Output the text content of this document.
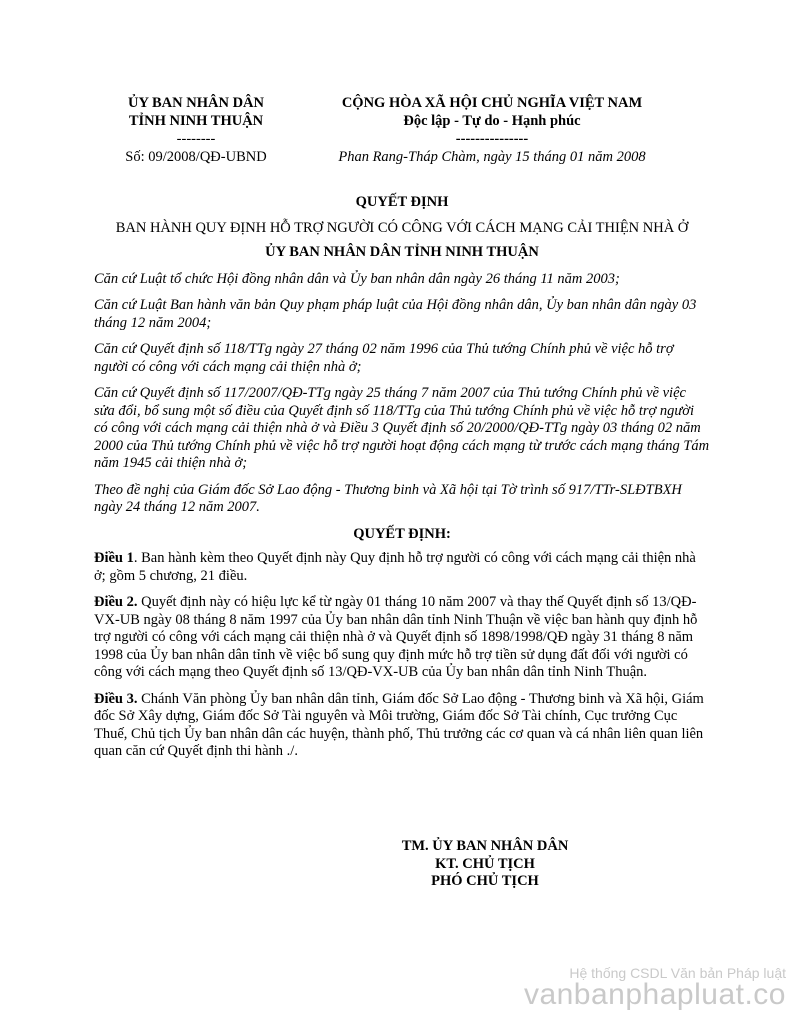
ỦY BAN NHÂN DÂN
TỈNH NINH THUẬN
--------
Số: 09/2008/QĐ-UBND
CỘNG HÒA XÃ HỘI CHỦ NGHĨA VIỆT NAM
Độc lập - Tự do - Hạnh phúc
---------------
Phan Rang-Tháp Chàm, ngày 15 tháng 01 năm 2008
QUYẾT ĐỊNH
BAN HÀNH QUY ĐỊNH HỖ TRỢ NGƯỜI CÓ CÔNG VỚI CÁCH MẠNG CẢI THIỆN NHÀ Ở
ỦY BAN NHÂN DÂN TỈNH NINH THUẬN
Căn cứ Luật tổ chức Hội đồng nhân dân và Ủy ban nhân dân ngày 26 tháng 11 năm 2003;
Căn cứ Luật Ban hành văn bản Quy phạm pháp luật của Hội đồng nhân dân, Ủy ban nhân dân ngày 03 tháng 12 năm 2004;
Căn cứ Quyết định số 118/TTg ngày 27 tháng 02 năm 1996 của Thủ tướng Chính phủ về việc hỗ trợ người có công với cách mạng cải thiện nhà ở;
Căn cứ Quyết định số 117/2007/QĐ-TTg ngày 25 tháng 7 năm 2007 của Thủ tướng Chính phủ về việc sửa đổi, bổ sung một số điều của Quyết định số 118/TTg của Thủ tướng Chính phủ về việc hỗ trợ người có công với cách mạng cải thiện nhà ở và Điều 3 Quyết định số 20/2000/QĐ-TTg ngày 03 tháng 02 năm 2000 của Thủ tướng Chính phủ về việc hỗ trợ người hoạt động cách mạng từ trước cách mạng tháng Tám năm 1945 cải thiện nhà ở;
Theo đề nghị của Giám đốc Sở Lao động - Thương binh và Xã hội tại Tờ trình số 917/TTr-SLĐTBXH ngày 24 tháng 12 năm 2007.
QUYẾT ĐỊNH:
Điều 1. Ban hành kèm theo Quyết định này Quy định hỗ trợ người có công với cách mạng cải thiện nhà ở; gồm 5 chương, 21 điều.
Điều 2. Quyết định này có hiệu lực kể từ ngày 01 tháng 10 năm 2007 và thay thế Quyết định số 13/QĐ-VX-UB ngày 08 tháng 8 năm 1997 của Ủy ban nhân dân tỉnh Ninh Thuận về việc ban hành quy định hỗ trợ người có công với cách mạng cải thiện nhà ở và Quyết định số 1898/1998/QĐ ngày 31 tháng 8 năm 1998 của Ủy ban nhân dân tỉnh về việc bổ sung quy định mức hỗ trợ tiền sử dụng đất đối với người có công với cách mạng theo Quyết định số 13/QĐ-VX-UB của Ủy ban nhân dân tỉnh Ninh Thuận.
Điều 3. Chánh Văn phòng Ủy ban nhân dân tỉnh, Giám đốc Sở Lao động - Thương binh và Xã hội, Giám đốc Sở Xây dựng, Giám đốc Sở Tài nguyên và Môi trường, Giám đốc Sở Tài chính, Cục trưởng Cục Thuế, Chủ tịch Ủy ban nhân dân các huyện, thành phố, Thủ trưởng các cơ quan và cá nhân liên quan liên quan căn cứ Quyết định thi hành ./.
TM. ỦY BAN NHÂN DÂN
KT. CHỦ TỊCH
PHÓ CHỦ TỊCH
Hệ thống CSDL Văn bản Pháp luật
vanbanphapluat.co
